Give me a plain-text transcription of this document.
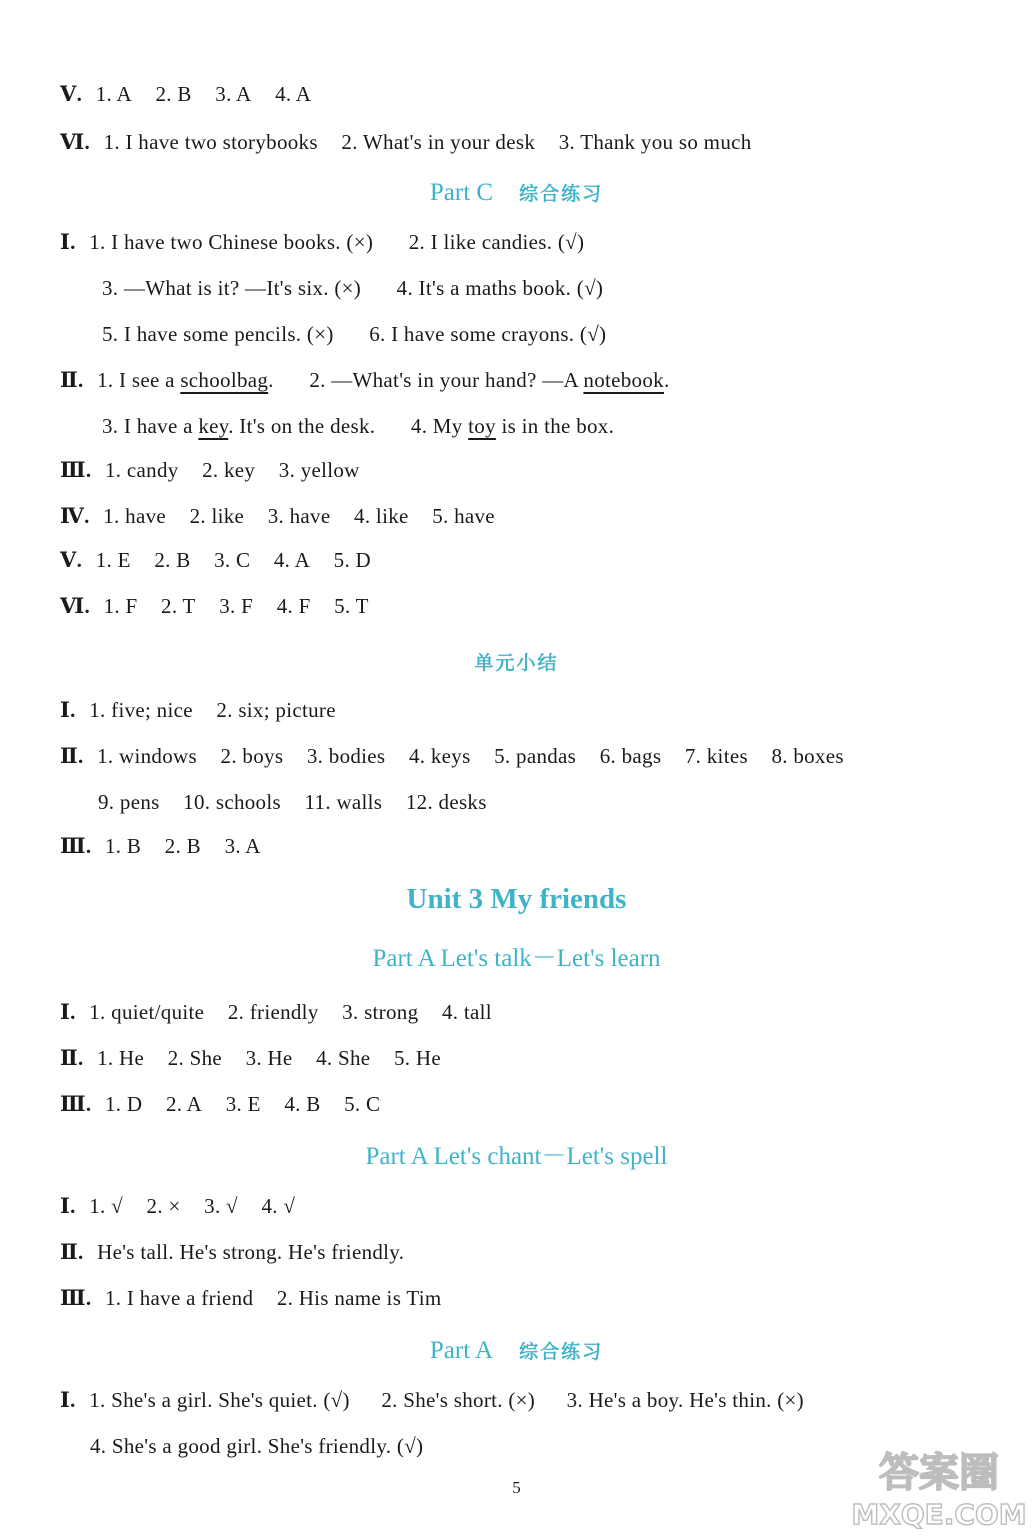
Ⅴ. 1. A 2. B 3. A 4. A
Ⅵ. 1. I have two storybooks 2. What's in your desk 3. Thank you so much
Part C 综合练习
Ⅰ. 1. I have two Chinese books. (×) 2. I like candies. (√)
3. —What is it? —It's six. (×) 4. It's a maths book. (√)
5. I have some pencils. (×) 6. I have some crayons. (√)
Ⅱ. 1. I see a schoolbag. 2. —What's in your hand? —A notebook.
3. I have a key. It's on the desk. 4. My toy is in the box.
Ⅲ. 1. candy 2. key 3. yellow
Ⅳ. 1. have 2. like 3. have 4. like 5. have
Ⅴ. 1. E 2. B 3. C 4. A 5. D
Ⅵ. 1. F 2. T 3. F 4. F 5. T
单元小结
Ⅰ. 1. five; nice 2. six; picture
Ⅱ. 1. windows 2. boys 3. bodies 4. keys 5. pandas 6. bags 7. kites 8. boxes
9. pens 10. schools 11. walls 12. desks
Ⅲ. 1. B 2. B 3. A
Unit 3 My friends
Part A Let's talk－Let's learn
Ⅰ. 1. quiet/quite 2. friendly 3. strong 4. tall
Ⅱ. 1. He 2. She 3. He 4. She 5. He
Ⅲ. 1. D 2. A 3. E 4. B 5. C
Part A Let's chant－Let's spell
Ⅰ. 1. √ 2. × 3. √ 4. √
Ⅱ. He's tall. He's strong. He's friendly.
Ⅲ. 1. I have a friend 2. His name is Tim
Part A 综合练习
Ⅰ. 1. She's a girl. She's quiet. (√) 2. She's short. (×) 3. He's a boy. He's thin. (×)
4. She's a good girl. She's friendly. (√)
5	答案圈
MXQE.COM
